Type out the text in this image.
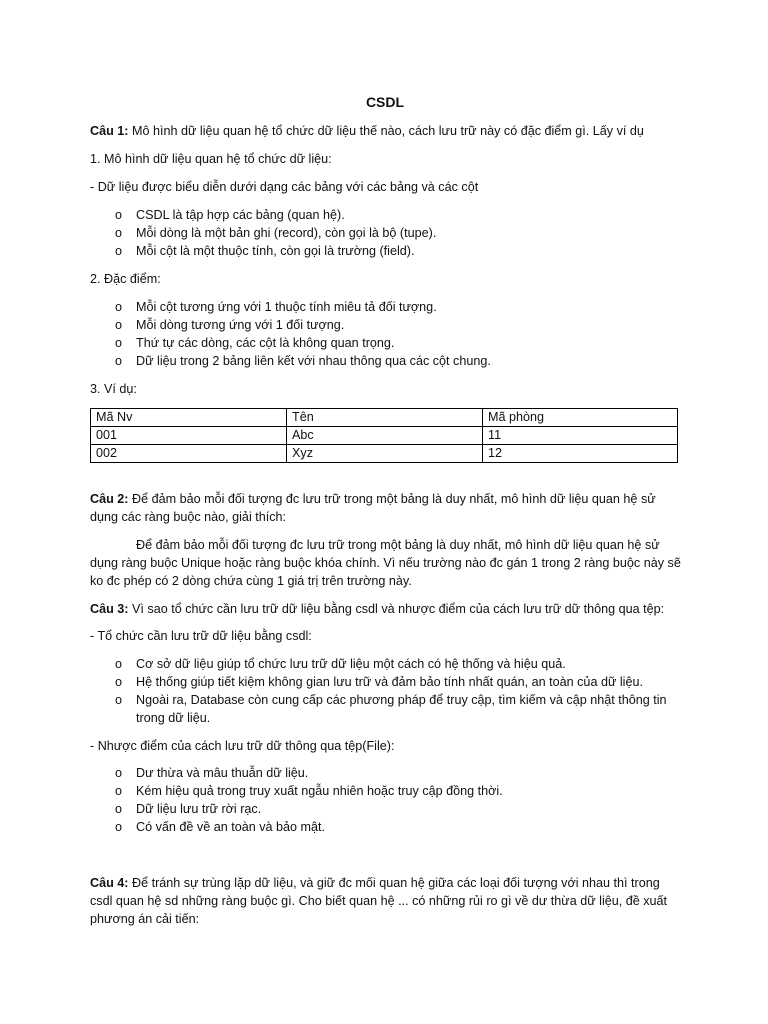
CSDL
Câu 1: Mô hình dữ liệu quan hệ tổ chức dữ liệu thế nào, cách lưu trữ này có đặc điểm gì. Lấy ví dụ
1. Mô hình dữ liệu quan hệ tổ chức dữ liệu:
- Dữ liệu được biểu diễn dưới dạng các bảng với các bảng và các cột
o CSDL là tập hợp các bảng (quan hệ).
o Mỗi dòng là một bản ghi (record), còn gọi là bộ (tupe).
o Mỗi cột là một thuộc tính, còn gọi là trường (field).
2. Đặc điểm:
o Mỗi cột tương ứng với 1 thuộc tính miêu tả đối tượng.
o Mỗi dòng tương ứng với 1 đối tượng.
o Thứ tự các dòng, các cột là không quan trọng.
o Dữ liệu trong 2 bảng liên kết với nhau thông qua các cột chung.
3. Ví dụ:
Mã Nv	Tên	Mã phòng
001	Abc	11
002	Xyz	12
Câu 2: Để đảm bảo mỗi đối tượng đc lưu trữ trong một bảng là duy nhất, mô hình dữ liệu quan hệ sử
dụng các ràng buộc nào, giải thích:
Để đảm bảo mỗi đối tượng đc lưu trữ trong một bảng là duy nhất, mô hình dữ liệu quan hệ sử
dụng ràng buộc Unique hoặc ràng buộc khóa chính. Vì nếu trường nào đc gán 1 trong 2 ràng buộc này sẽ
ko đc phép có 2 dòng chứa cùng 1 giá trị trên trường này.
Câu 3: Vì sao tổ chức cần lưu trữ dữ liệu bằng csdl và nhược điểm của cách lưu trữ dữ thông qua tệp:
- Tổ chức cần lưu trữ dữ liệu bằng csdl:
o Cơ sở dữ liệu giúp tổ chức lưu trữ dữ liệu một cách có hệ thống và hiệu quả.
o Hệ thống giúp tiết kiệm không gian lưu trữ và đảm bảo tính nhất quán, an toàn của dữ liệu.
o Ngoài ra, Database còn cung cấp các phương pháp để truy cập, tìm kiếm và cập nhật thông tin
trong dữ liệu.
- Nhược điểm của cách lưu trữ dữ thông qua tệp(File):
o Dư thừa và mâu thuẫn dữ liệu.
o Kém hiệu quả trong truy xuất ngẫu nhiên hoặc truy cập đồng thời.
o Dữ liệu lưu trữ rời rạc.
o Có vấn đề về an toàn và bảo mật.
Câu 4: Để tránh sự trùng lặp dữ liệu, và giữ đc mối quan hệ giữa các loại đối tượng với nhau thì trong
csdl quan hệ sd những ràng buộc gì. Cho biết quan hệ ... có những rủi ro gì về dư thừa dữ liệu, đề xuất
phương án cải tiến:
